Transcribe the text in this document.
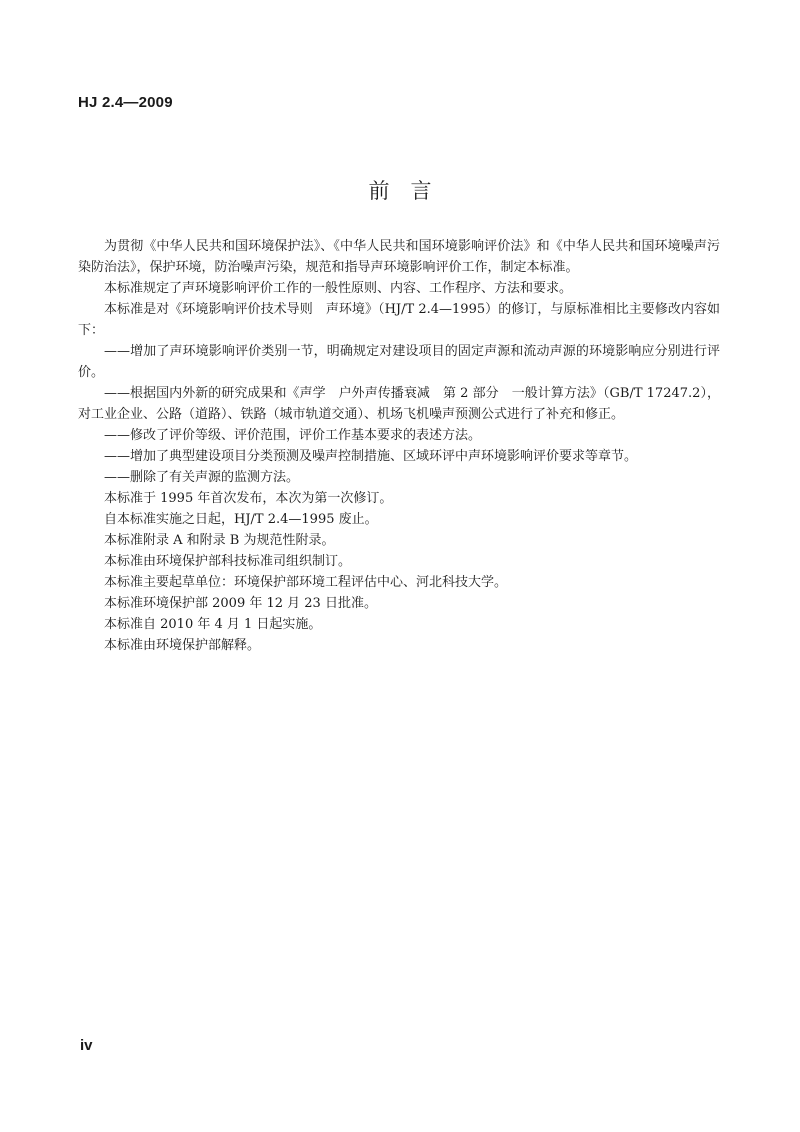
HJ 2.4—2009
前　言

为贯彻《中华人民共和国环境保护法》、《中华人民共和国环境影响评价法》和《中华人民共和国环境噪声污染防治法》，保护环境，防治噪声污染，规范和指导声环境影响评价工作，制定本标准。

本标准规定了声环境影响评价工作的一般性原则、内容、工作程序、方法和要求。

本标准是对《环境影响评价技术导则　声环境》（HJ/T 2.4—1995）的修订，与原标准相比主要修改内容如下：

——增加了声环境影响评价类别一节，明确规定对建设项目的固定声源和流动声源的环境影响应分别进行评价。

——根据国内外新的研究成果和《声学　户外声传播衰减　第 2 部分　一般计算方法》（GB/T 17247.2），对工业企业、公路（道路）、铁路（城市轨道交通）、机场飞机噪声预测公式进行了补充和修正。

——修改了评价等级、评价范围，评价工作基本要求的表述方法。

——增加了典型建设项目分类预测及噪声控制措施、区域环评中声环境影响评价要求等章节。

——删除了有关声源的监测方法。

本标准于 1995 年首次发布，本次为第一次修订。

自本标准实施之日起，HJ/T 2.4—1995 废止。

本标准附录 A 和附录 B 为规范性附录。

本标准由环境保护部科技标准司组织制订。

本标准主要起草单位：环境保护部环境工程评估中心、河北科技大学。

本标准环境保护部 2009 年 12 月 23 日批准。

本标准自 2010 年 4 月 1 日起实施。

本标准由环境保护部解释。

iv
